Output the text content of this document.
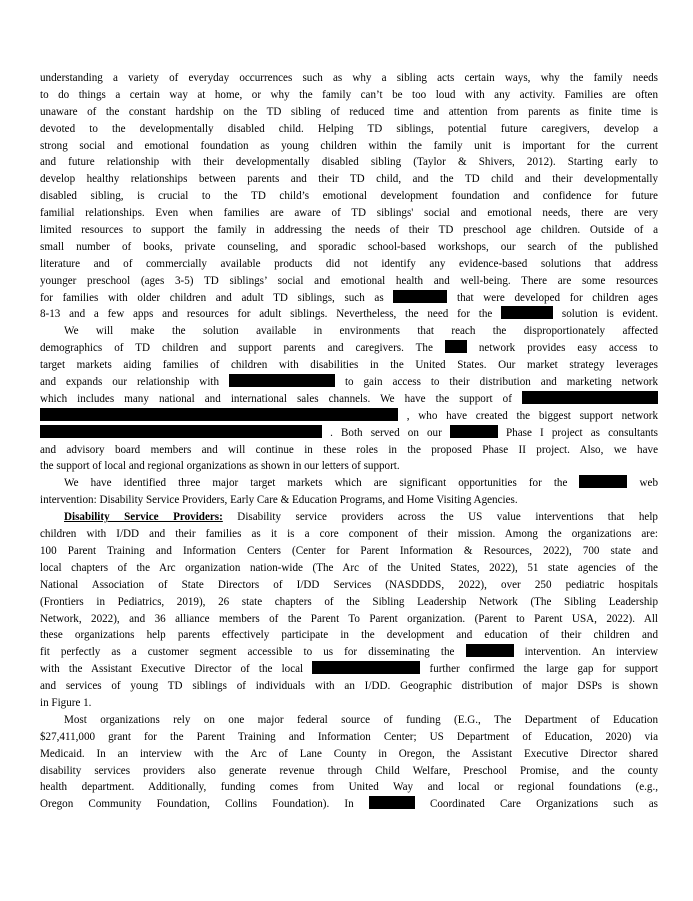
understanding a variety of everyday occurrences such as why a sibling acts certain ways, why the family needs
to do things a certain way at home, or why the family can’t be too loud with any activity. Families are often
unaware of the constant hardship on the TD sibling of reduced time and attention from parents as finite time is
devoted to the developmentally disabled child. Helping TD siblings, potential future caregivers, develop a
strong social and emotional foundation as young children within the family unit is important for the current
and future relationship with their developmentally disabled sibling (Taylor & Shivers, 2012). Starting early to
develop healthy relationships between parents and their TD child, and the TD child and their developmentally
disabled sibling, is crucial to the TD child’s emotional development foundation and confidence for future
familial relationships. Even when families are aware of TD siblings' social and emotional needs, there are very
limited resources to support the family in addressing the needs of their TD preschool age children. Outside of a
small number of books, private counseling, and sporadic school-based workshops, our search of the published
literature and of commercially available products did not identify any evidence-based solutions that address
younger preschool (ages 3-5) TD siblings’ social and emotional health and well-being. There are some resources
for families with older children and adult TD siblings, such as	that were developed for children ages
8-13 and a few apps and resources for adult siblings. Nevertheless, the need for the	solution is evident.
We will make the solution available in environments that reach the disproportionately affected
demographics of TD children and support parents and caregivers. The	network provides easy access to
target markets aiding families of children with disabilities in the United States. Our market strategy leverages
and expands our relationship with	to gain access to their distribution and marketing network
which includes many national and international sales channels. We have the support of
, who have created the biggest support network
. Both served on our	Phase I project as consultants
and advisory board members and will continue in these roles in the proposed Phase II project. Also, we have
the support of local and regional organizations as shown in our letters of support.
We have identified three major target markets which are significant opportunities for the	web
intervention: Disability Service Providers, Early Care & Education Programs, and Home Visiting Agencies.
Disability Service Providers: Disability service providers across the US value interventions that help
children with I/DD and their families as it is a core component of their mission. Among the organizations are:
100 Parent Training and Information Centers (Center for Parent Information & Resources, 2022), 700 state and
local chapters of the Arc organization nation-wide (The Arc of the United States, 2022), 51 state agencies of the
National Association of State Directors of I/DD Services (NASDDDS, 2022), over 250 pediatric hospitals
(Frontiers in Pediatrics, 2019), 26 state chapters of the Sibling Leadership Network (The Sibling Leadership
Network, 2022), and 36 alliance members of the Parent To Parent organization. (Parent to Parent USA, 2022). All
these organizations help parents effectively participate in the development and education of their children and
fit perfectly as a customer segment accessible to us for disseminating the	intervention. An interview
with the Assistant Executive Director of the local	further confirmed the large gap for support
and services of young TD siblings of individuals with an I/DD. Geographic distribution of major DSPs is shown
in Figure 1.
Most organizations rely on one major federal source of funding (E.G., The Department of Education
$27,411,000 grant for the Parent Training and Information Center; US Department of Education, 2020) via
Medicaid. In an interview with the Arc of Lane County in Oregon, the Assistant Executive Director shared
disability services providers also generate revenue through Child Welfare, Preschool Promise, and the county
health department. Additionally, funding comes from United Way and local or regional foundations (e.g.,
Oregon Community Foundation, Collins Foundation). In	Coordinated Care Organizations such as
